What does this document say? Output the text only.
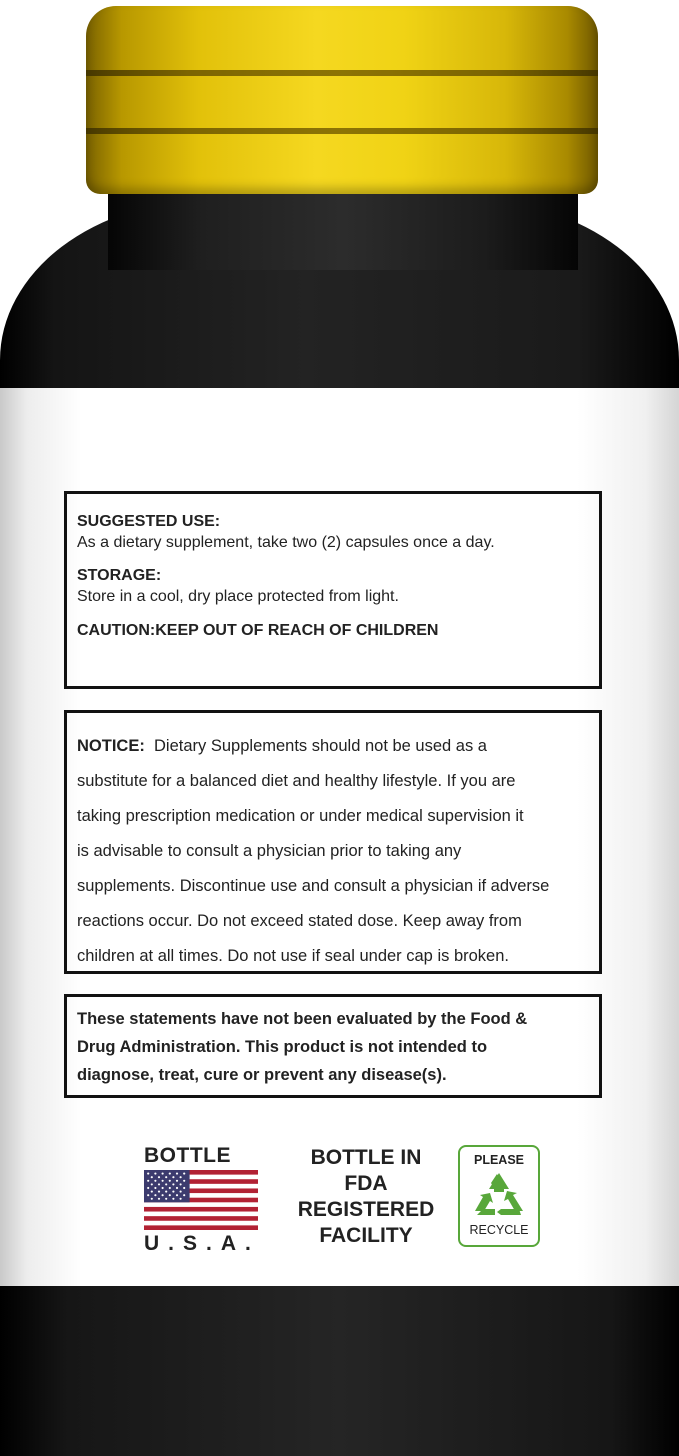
SUGGESTED USE:
As a dietary supplement, take two (2) capsules once a day.
STORAGE:
Store in a cool, dry place protected from light.
CAUTION:KEEP OUT OF REACH OF CHILDREN
NOTICE: Dietary Supplements should not be used as a
substitute for a balanced diet and healthy lifestyle. If you are
taking prescription medication or under medical supervision it
is advisable to consult a physician prior to taking any
supplements. Discontinue use and consult a physician if adverse
reactions occur. Do not exceed stated dose. Keep away from
children at all times. Do not use if seal under cap is broken.
These statements have not been evaluated by the Food &
Drug Administration. This product is not intended to
diagnose, treat, cure or prevent any disease(s).
BOTTLE
U.S.A.
BOTTLE IN
FDA
REGISTERED
FACILITY
PLEASE
RECYCLE
